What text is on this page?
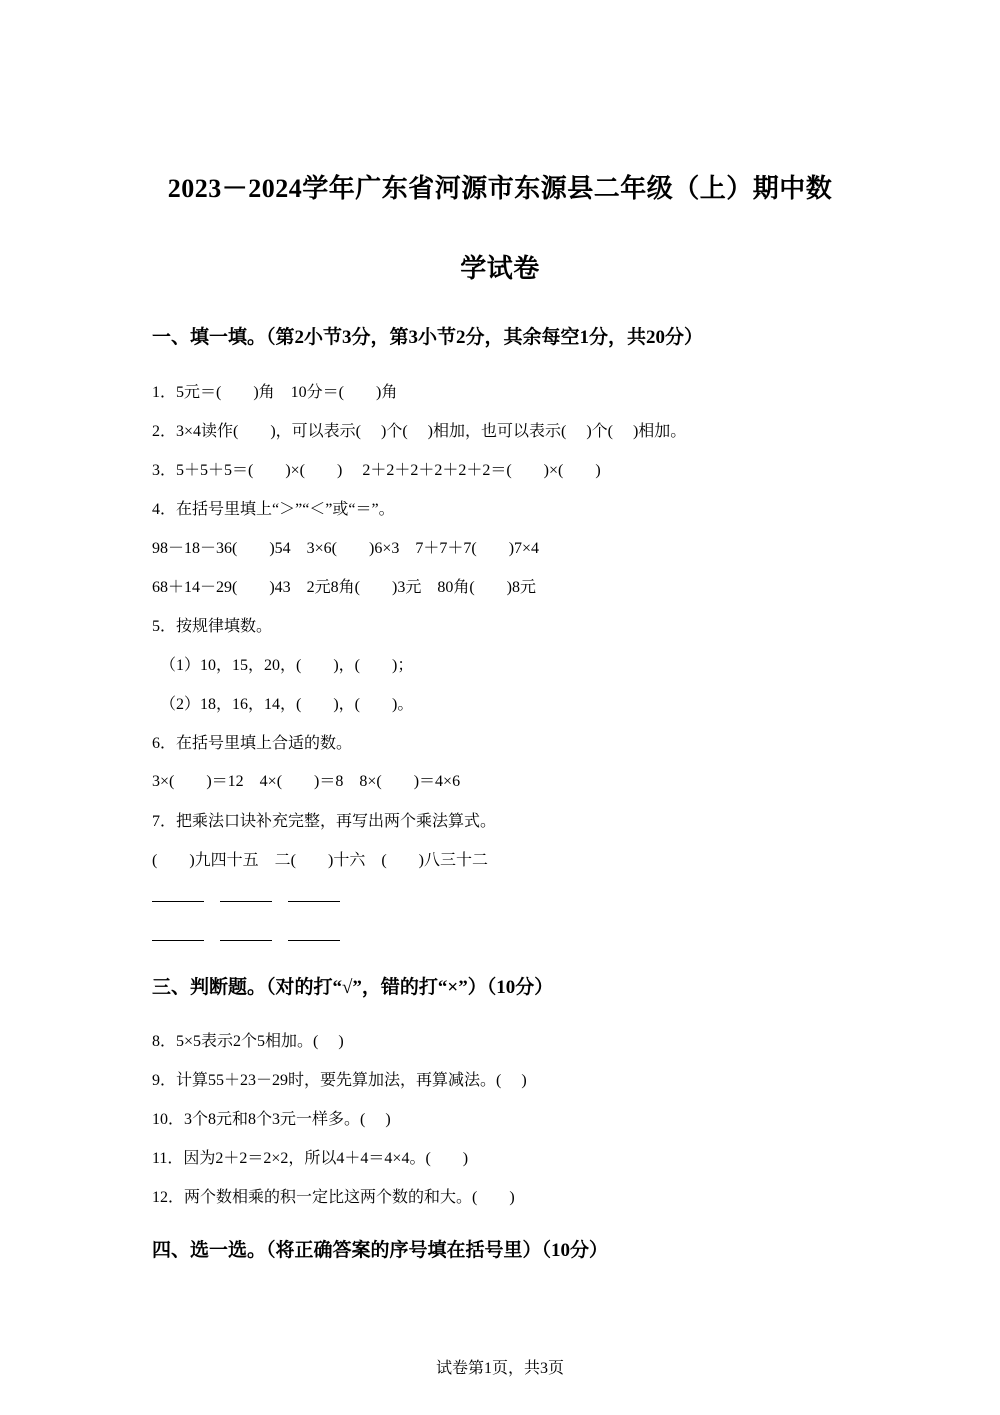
2023－2024学年广东省河源市东源县二年级（上）期中数
学试卷
一、填一填。（第2小节3分，第3小节2分，其余每空1分，共20分）
1．5元＝(　　)角　10分＝(　　)角
2．3×4读作(　　)，可以表示(　 )个(　 )相加，也可以表示(　 )个(　 )相加。
3．5＋5＋5＝(　　)×(　　)　 2＋2＋2＋2＋2＋2＝(　　)×(　　)
4．在括号里填上“＞”“＜”或“＝”。
98－18－36(　　)54　3×6(　　)6×3　7＋7＋7(　　)7×4
68＋14－29(　　)43　2元8角(　　)3元　80角(　　)8元
5．按规律填数。
（1）10，15，20，(　　)，(　　)；
（2）18，16，14，(　　)，(　　)。
6．在括号里填上合适的数。
3×(　　)＝12　4×(　　)＝8　8×(　　)＝4×6
7．把乘法口诀补充完整，再写出两个乘法算式。
(　　)九四十五　二(　　)十六　(　　)八三十二
三、判断题。（对的打“√”，错的打“×”）（10分）
8．5×5表示2个5相加。(　 )
9．计算55＋23－29时，要先算加法，再算减法。(　 )
10．3个8元和8个3元一样多。(　 )
11．因为2＋2＝2×2，所以4＋4＝4×4。(　　)
12．两个数相乘的积一定比这两个数的和大。(　　)
四、选一选。（将正确答案的序号填在括号里）（10分）
试卷第1页，共3页
